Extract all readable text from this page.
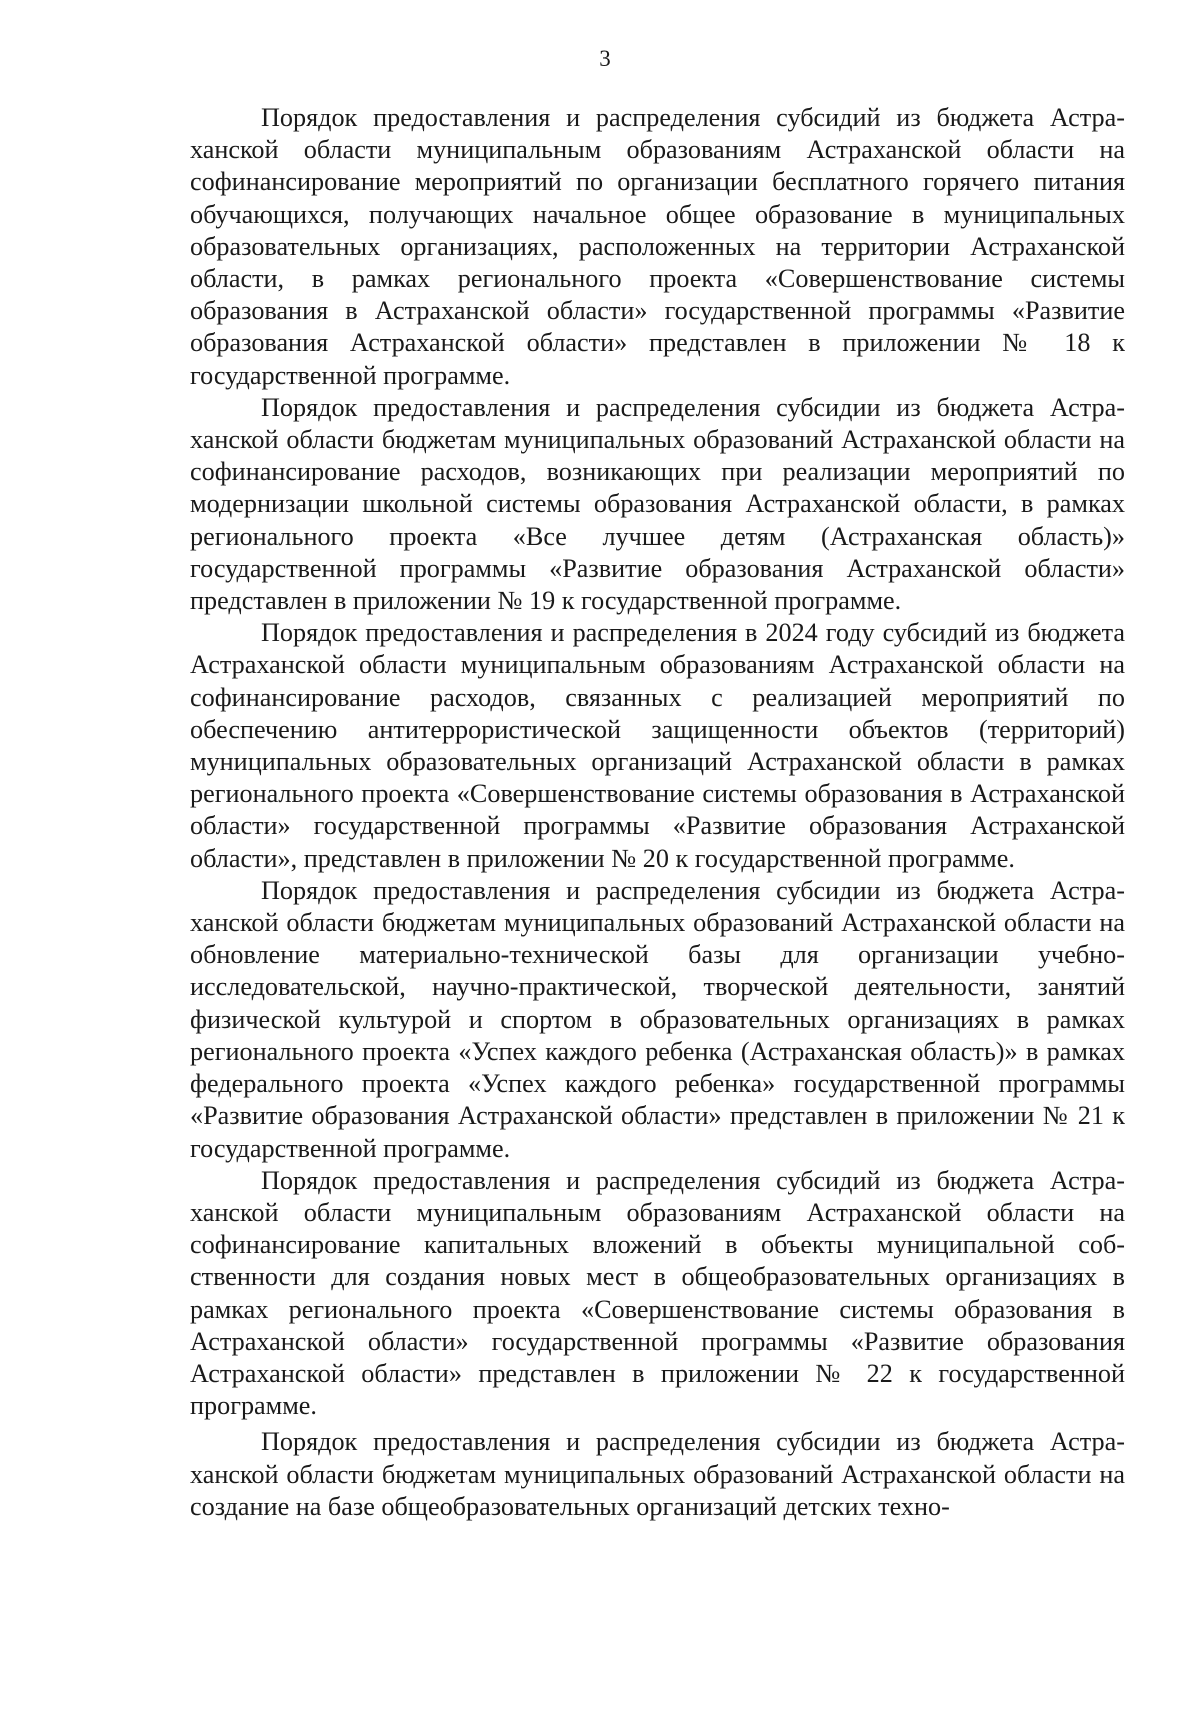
3

Порядок предоставления и распределения субсидий из бюджета Астраханской области муниципальным образованиям Астраханской области на софинансирование мероприятий по организации бесплатного горячего питания обучающихся, получающих начальное общее образование в муниципальных образовательных организациях, расположенных на территории Астраханской области, в рамках регионального проекта «Совершенствование системы образования в Астраханской области» государственной программы «Развитие образования Астраханской области» представлен в приложении № 18 к государственной программе.

Порядок предоставления и распределения субсидии из бюджета Астраханской области бюджетам муниципальных образований Астраханской области на софинансирование расходов, возникающих при реализации мероприятий по модернизации школьной системы образования Астраханской области, в рамках регионального проекта «Все лучшее детям (Астраханская область)» государственной программы «Развитие образования Астраханской области» представлен в приложении № 19 к государственной программе.

Порядок предоставления и распределения в 2024 году субсидий из бюджета Астраханской области муниципальным образованиям Астраханской области на софинансирование расходов, связанных с реализацией мероприятий по обеспечению антитеррористической защищенности объектов (территорий) муниципальных образовательных организаций Астраханской области в рамках регионального проекта «Совершенствование системы образования в Астраханской области» государственной программы «Развитие образования Астраханской области», представлен в приложении № 20 к государственной программе.

Порядок предоставления и распределения субсидии из бюджета Астраханской области бюджетам муниципальных образований Астраханской области на обновление материально-технической базы для организации учебно-исследовательской, научно-практической, творческой деятельности, занятий физической культурой и спортом в образовательных организациях в рамках регионального проекта «Успех каждого ребенка (Астраханская область)» в рамках федерального проекта «Успех каждого ребенка» государственной программы «Развитие образования Астраханской области» представлен в приложении № 21 к государственной программе.

Порядок предоставления и распределения субсидий из бюджета Астраханской области муниципальным образованиям Астраханской области на софинансирование капитальных вложений в объекты муниципальной собственности для создания новых мест в общеобразовательных организациях в рамках регионального проекта «Совершенствование системы образования в Астраханской области» государственной программы «Развитие образования Астраханской области» представлен в приложении № 22 к государственной программе.

Порядок предоставления и распределения субсидии из бюджета Астраханской области бюджетам муниципальных образований Астраханской области на создание на базе общеобразовательных организаций детских техно-
